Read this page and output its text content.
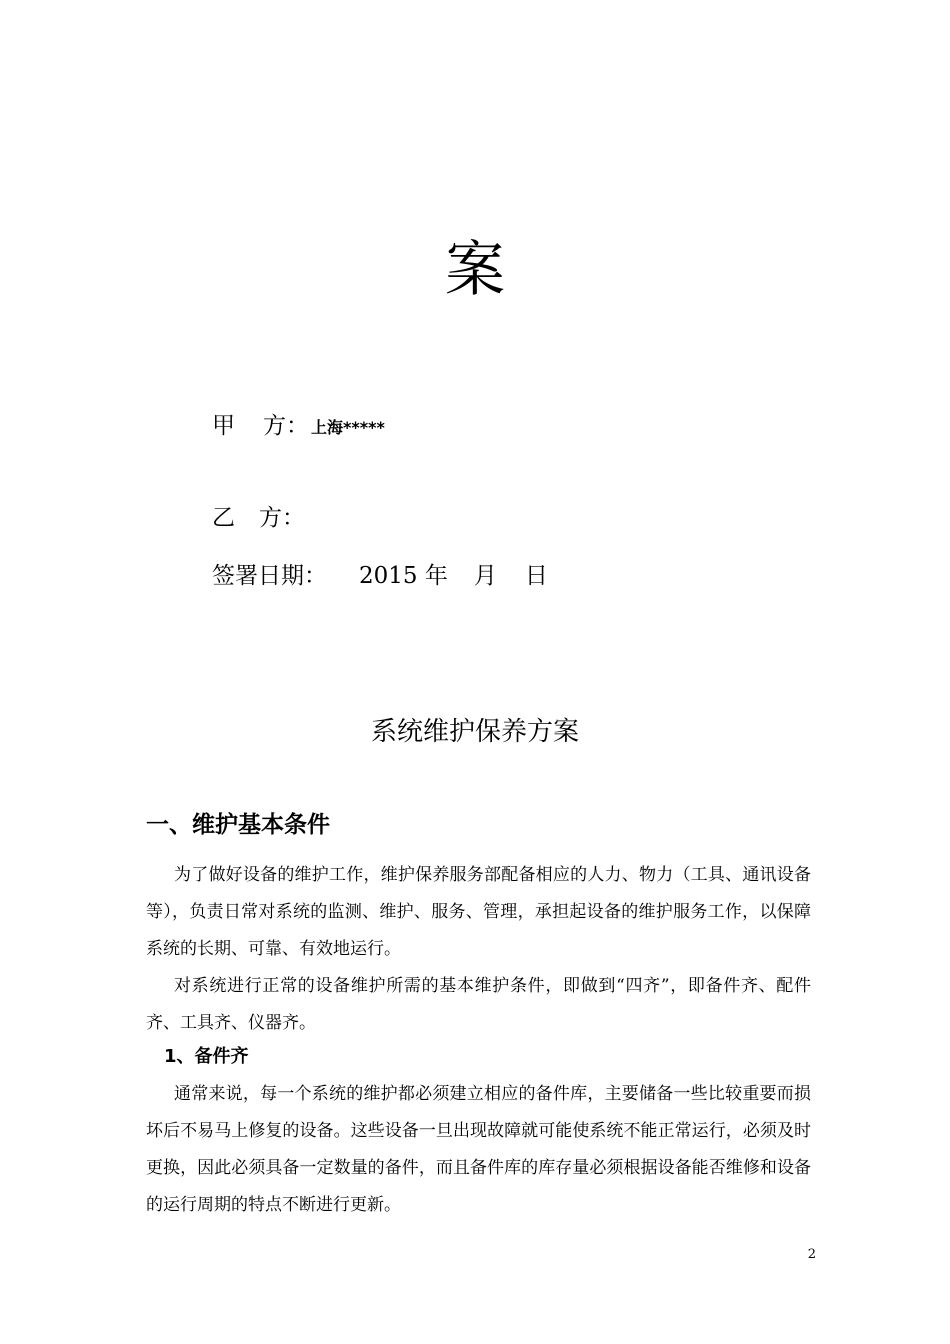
案
甲 方： 上海*****
乙 方：
签署日期： 2015 年 月 日
系统维护保养方案
一、维护基本条件

为了做好设备的维护工作，维护保养服务部配备相应的人力、物力（工具、通讯设备等），负责日常对系统的监测、维护、服务、管理，承担起设备的维护服务工作，以保障系统的长期、可靠、有效地运行。

对系统进行正常的设备维护所需的基本维护条件，即做到“四齐”，即备件齐、配件齐、工具齐、仪器齐。

1、备件齐

通常来说，每一个系统的维护都必须建立相应的备件库，主要储备一些比较重要而损坏后不易马上修复的设备。这些设备一旦出现故障就可能使系统不能正常运行，必须及时更换，因此必须具备一定数量的备件，而且备件库的库存量必须根据设备能否维修和设备的运行周期的特点不断进行更新。

2
